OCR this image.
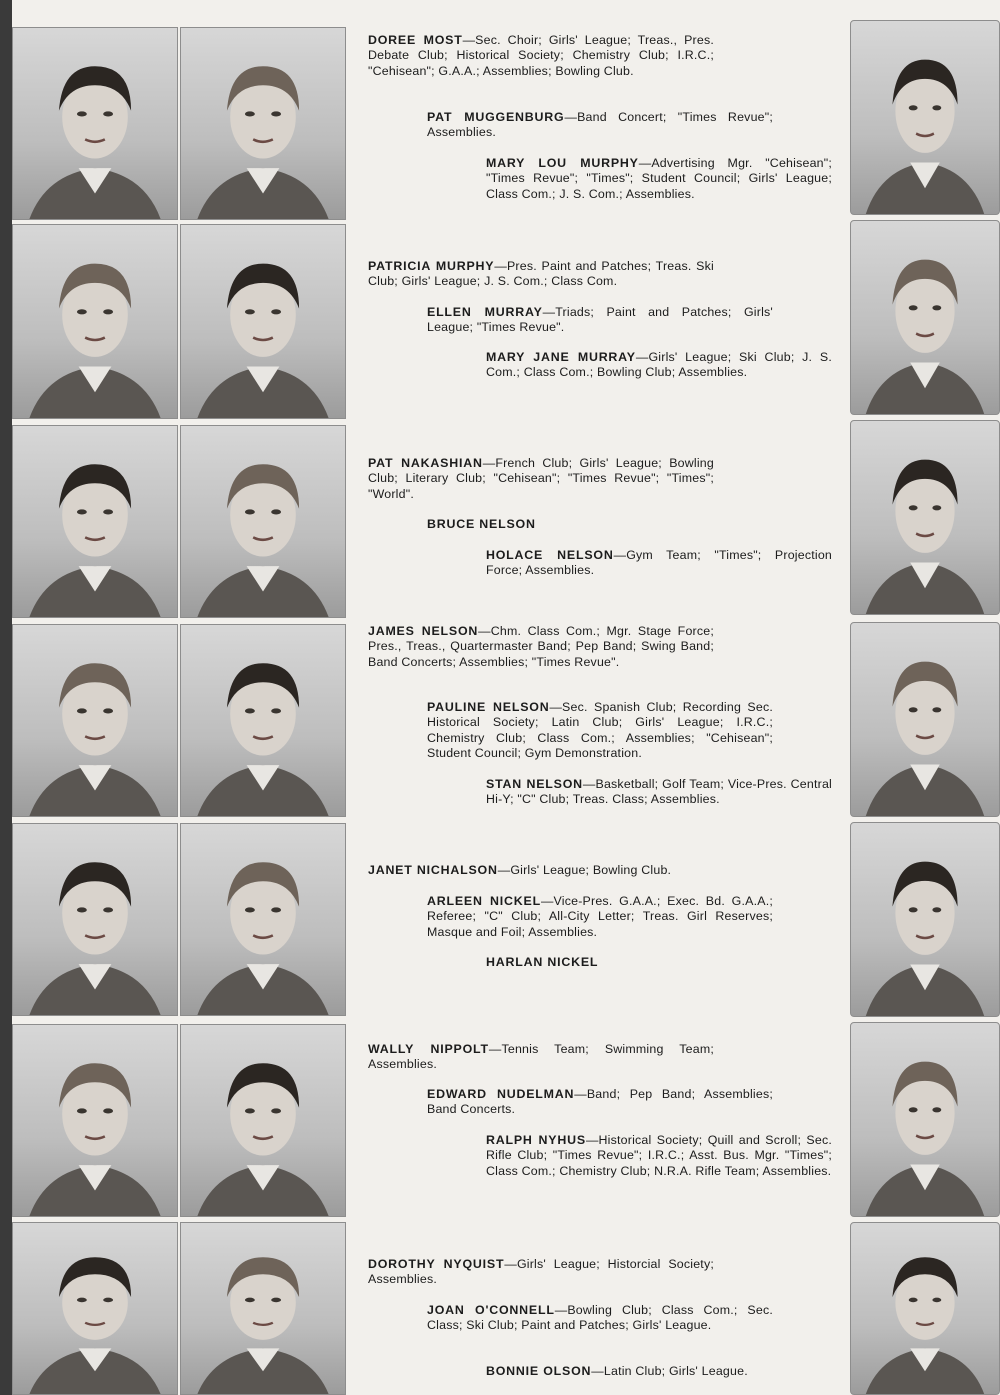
DOREE MOST—Sec. Choir; Girls' League; Treas., Pres. Debate Club; Historical Society; Chemistry Club; I.R.C.; "Cehisean"; G.A.A.; Assemblies; Bowling Club.
PAT MUGGENBURG—Band Concert; "Times Revue"; Assemblies.
MARY LOU MURPHY—Advertising Mgr. "Cehisean"; "Times Revue"; "Times"; Student Council; Girls' League; Class Com.; J. S. Com.; Assemblies.
PATRICIA MURPHY—Pres. Paint and Patches; Treas. Ski Club; Girls' League; J. S. Com.; Class Com.
ELLEN MURRAY—Triads; Paint and Patches; Girls' League; "Times Revue".
MARY JANE MURRAY—Girls' League; Ski Club; J. S. Com.; Class Com.; Bowling Club; Assemblies.
PAT NAKASHIAN—French Club; Girls' League; Bowling Club; Literary Club; "Cehisean"; "Times Revue"; "Times"; "World".
BRUCE NELSON
HOLACE NELSON—Gym Team; "Times"; Projection Force; Assemblies.
JAMES NELSON—Chm. Class Com.; Mgr. Stage Force; Pres., Treas., Quartermaster Band; Pep Band; Swing Band; Band Concerts; Assemblies; "Times Revue".
PAULINE NELSON—Sec. Spanish Club; Recording Sec. Historical Society; Latin Club; Girls' League; I.R.C.; Chemistry Club; Class Com.; Assemblies; "Cehisean"; Student Council; Gym Demonstration.
STAN NELSON—Basketball; Golf Team; Vice-Pres. Central Hi-Y; "C" Club; Treas. Class; Assemblies.
JANET NICHALSON—Girls' League; Bowling Club.
ARLEEN NICKEL—Vice-Pres. G.A.A.; Exec. Bd. G.A.A.; Referee; "C" Club; All-City Letter; Treas. Girl Reserves; Masque and Foil; Assemblies.
HARLAN NICKEL
WALLY NIPPOLT—Tennis Team; Swimming Team; Assemblies.
EDWARD NUDELMAN—Band; Pep Band; Assemblies; Band Concerts.
RALPH NYHUS—Historical Society; Quill and Scroll; Sec. Rifle Club; "Times Revue"; I.R.C.; Asst. Bus. Mgr. "Times"; Class Com.; Chemistry Club; N.R.A. Rifle Team; Assemblies.
DOROTHY NYQUIST—Girls' League; Historcial Society; Assemblies.
JOAN O'CONNELL—Bowling Club; Class Com.; Sec. Class; Ski Club; Paint and Patches; Girls' League.
BONNIE OLSON—Latin Club; Girls' League.
